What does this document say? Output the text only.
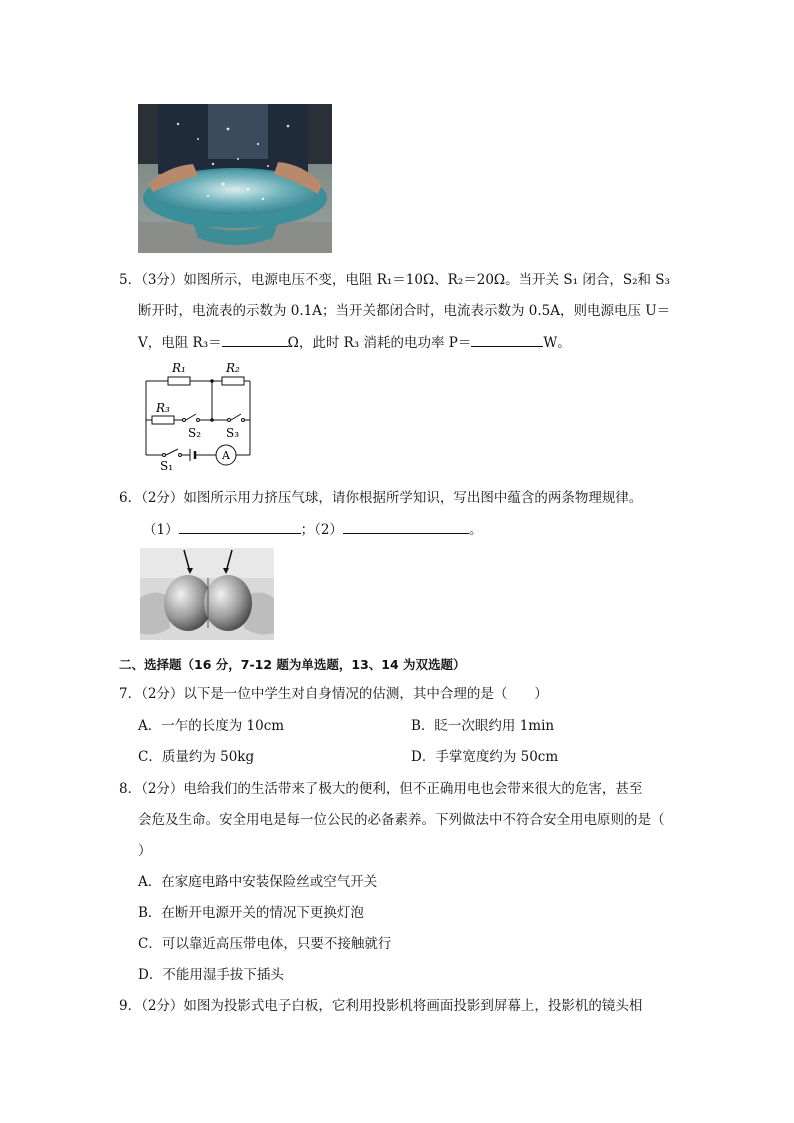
5．（3分）如图所示，电源电压不变，电阻 R₁＝10Ω、R₂＝20Ω。当开关 S₁ 闭合，S₂和 S₃
断开时，电流表的示数为 0.1A；当开关都闭合时，电流表示数为 0.5A，则电源电压 U＝
V，电阻 R₃＝	Ω，此时 R₃ 消耗的电功率 P＝	W。
R₁	R₂
R₃
S₂ S₃
S₁
A
6．（2分）如图所示用力挤压气球，请你根据所学知识，写出图中蕴含的两条物理规律。
（1）	；（2）	。
二、选择题（16 分，7-12 题为单选题，13、14 为双选题）
7．（2分）以下是一位中学生对自身情况的估测，其中合理的是（　　）
A．一乍的长度为 10cm	B．眨一次眼约用 1min
C．质量约为 50kg	D．手掌宽度约为 50cm
8．（2分）电给我们的生活带来了极大的便利，但不正确用电也会带来很大的危害，甚至
会危及生命。安全用电是每一位公民的必备素养。下列做法中不符合安全用电原则的是（
）
A．在家庭电路中安装保险丝或空气开关
B．在断开电源开关的情况下更换灯泡
C．可以靠近高压带电体，只要不接触就行
D．不能用湿手拔下插头
9．（2分）如图为投影式电子白板，它利用投影机将画面投影到屏幕上，投影机的镜头相
